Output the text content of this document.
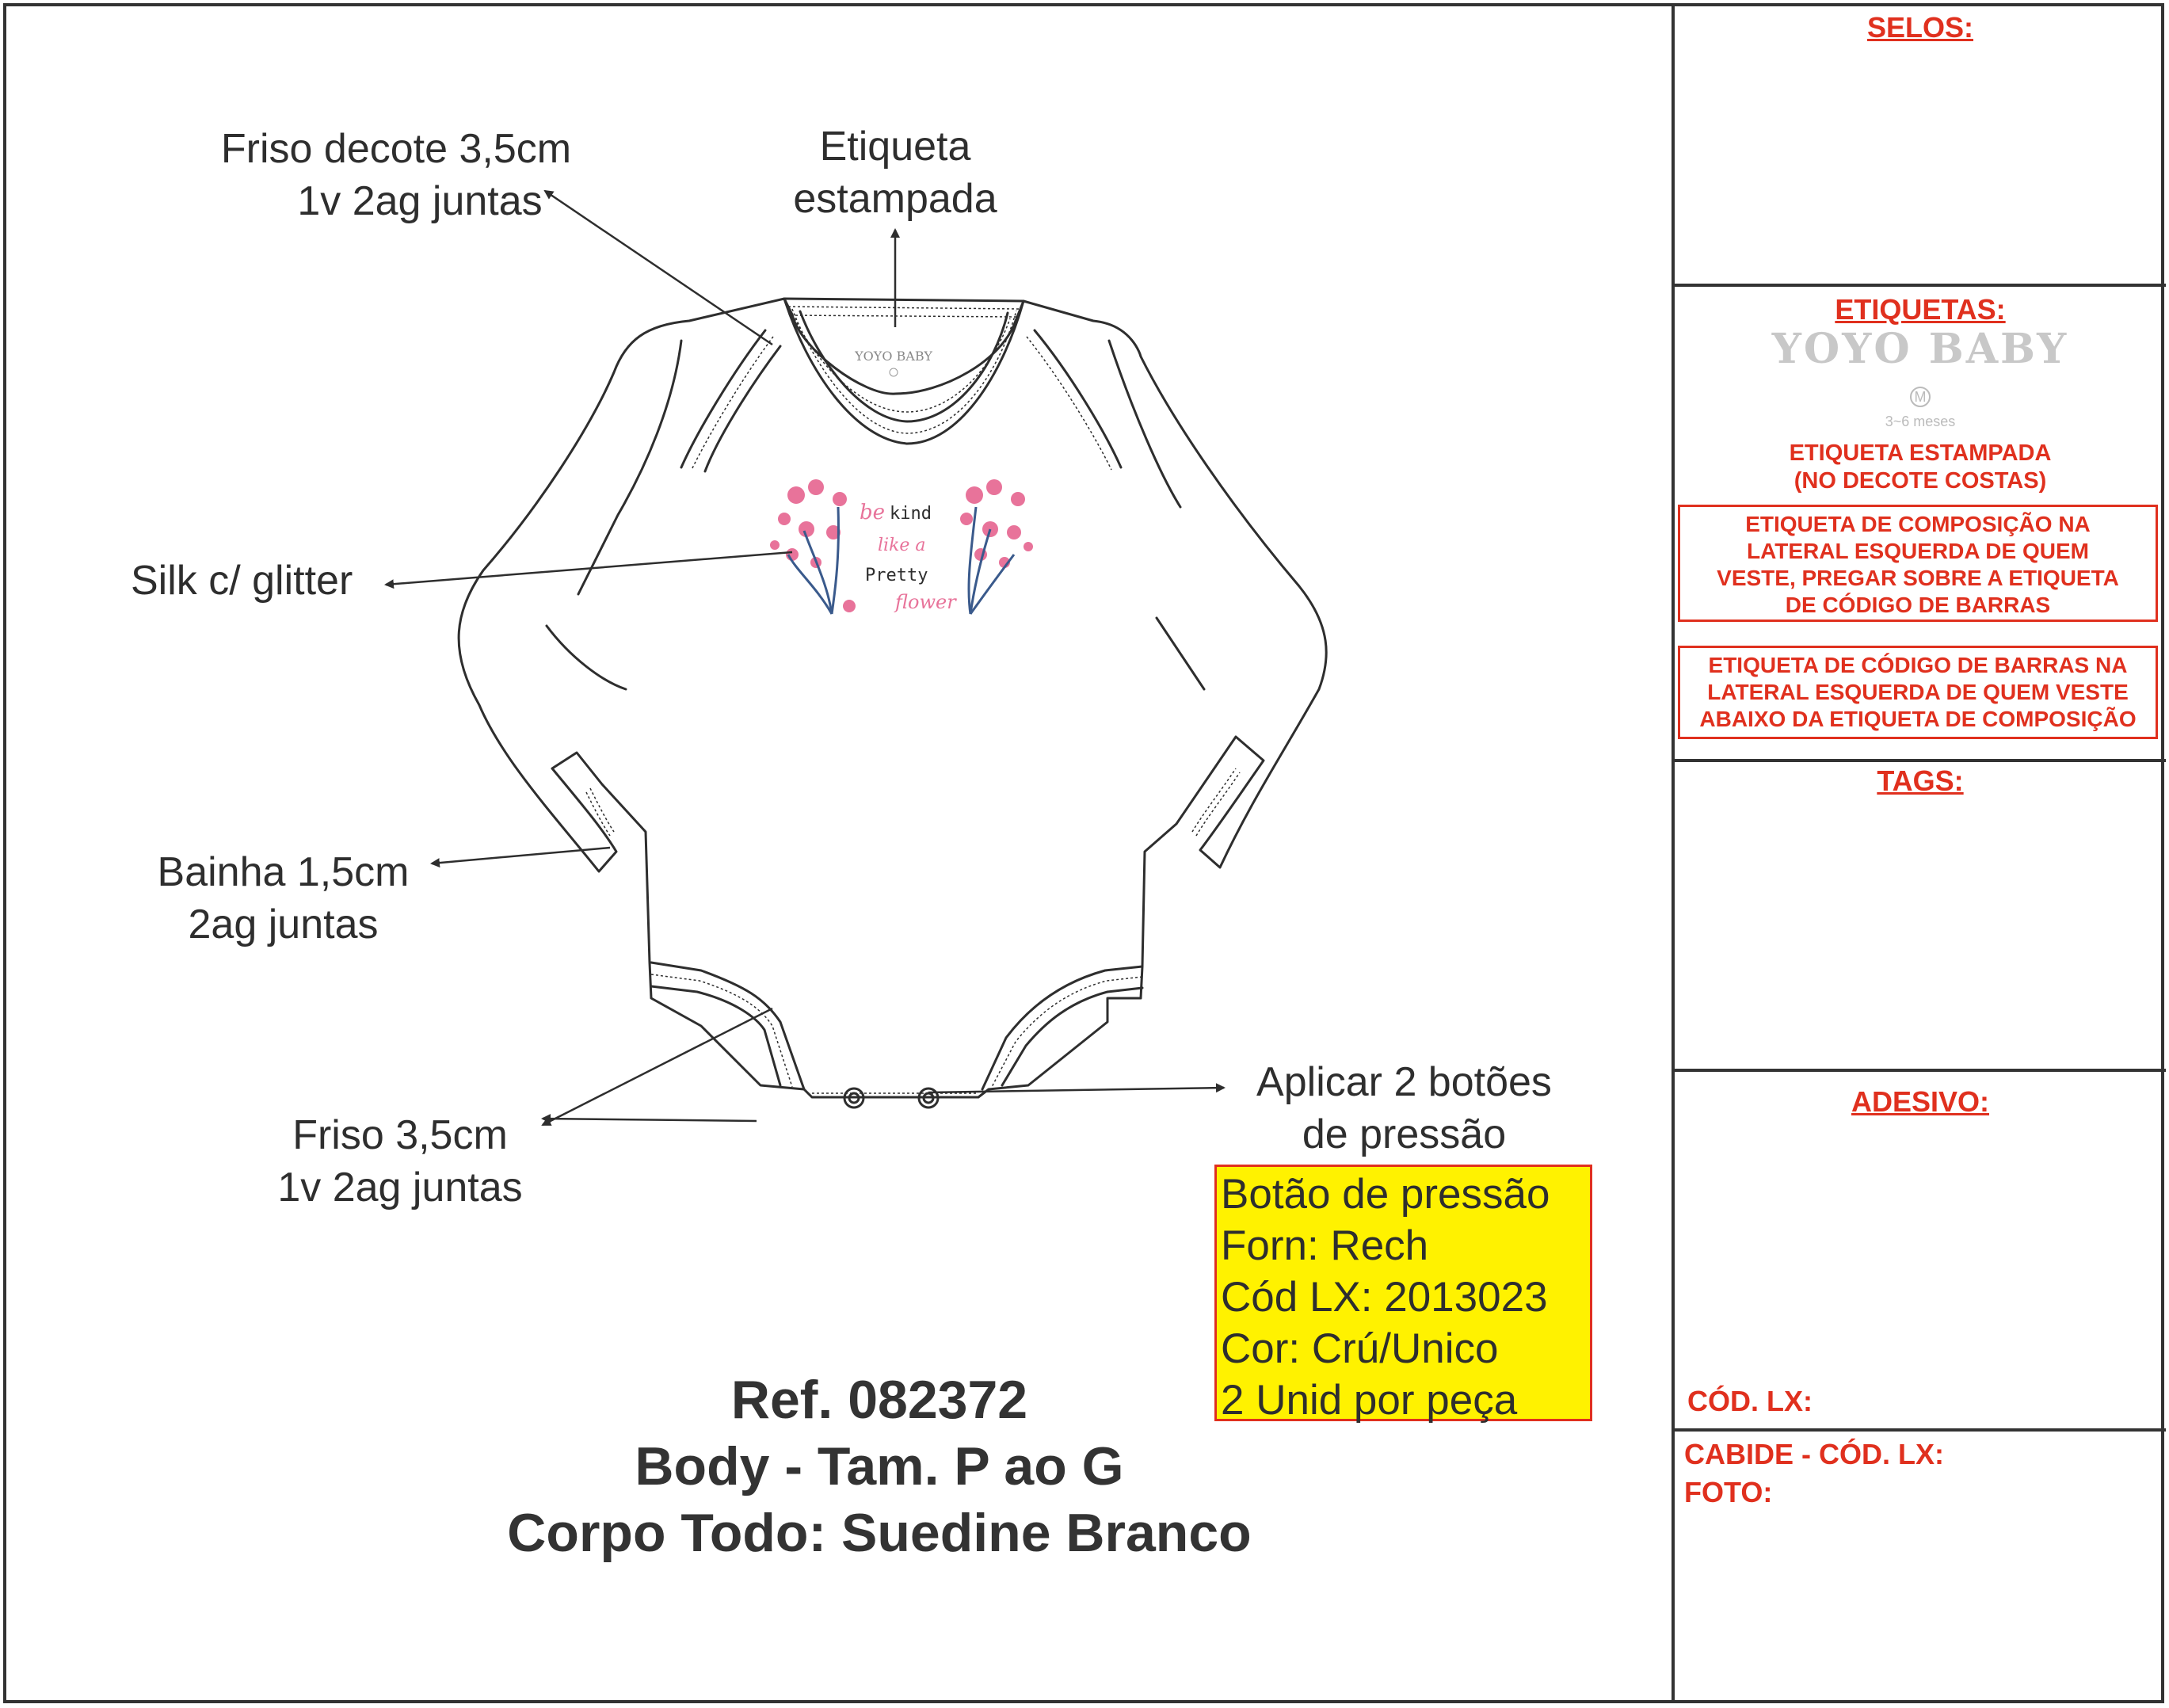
YOYO BABY
be kind
like a
Pretty
flower
Friso decote 3,5cm
1v 2ag juntas
Etiqueta
estampada
Silk c/ glitter
Bainha 1,5cm
2ag juntas
Friso 3,5cm
1v 2ag juntas
Aplicar 2 botões
de pressão
Botão de pressão
Forn: Rech
Cód LX: 2013023
Cor: Crú/Unico
2 Unid por peça
Ref. 082372
Body - Tam. P ao G
Corpo Todo: Suedine Branco
SELOS:
ETIQUETAS:
YOYO BABY
M
3~6 meses
ETIQUETA ESTAMPADA
(NO DECOTE COSTAS)
ETIQUETA DE COMPOSIÇÃO NA
LATERAL ESQUERDA DE QUEM
VESTE, PREGAR SOBRE A ETIQUETA
DE CÓDIGO DE BARRAS
ETIQUETA DE CÓDIGO DE BARRAS NA
LATERAL ESQUERDA DE QUEM VESTE
ABAIXO DA ETIQUETA DE COMPOSIÇÃO
TAGS:
ADESIVO:
CÓD. LX:
CABIDE - CÓD. LX:
FOTO:
